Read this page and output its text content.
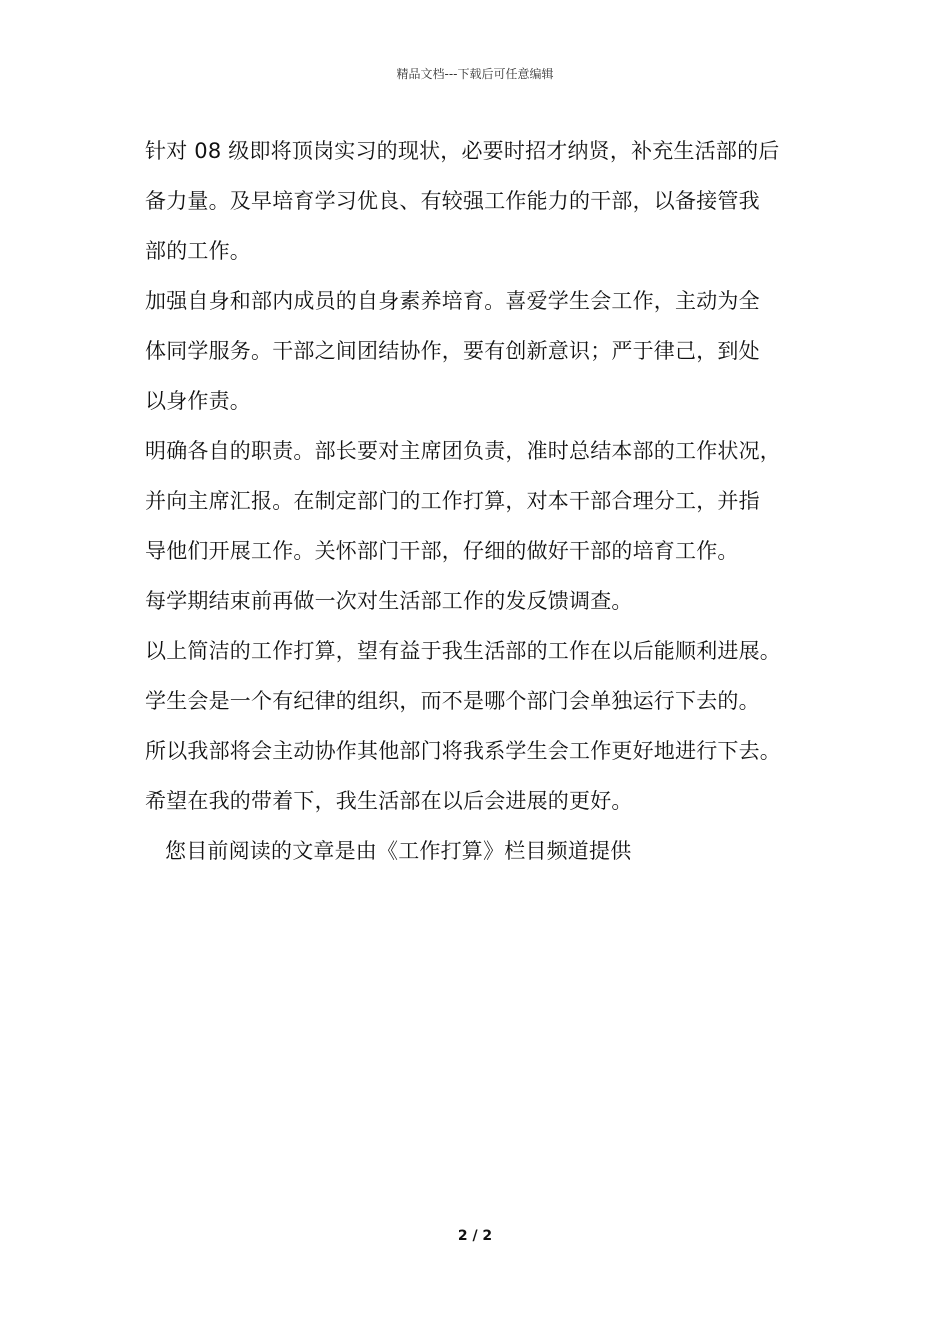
精品文档---下载后可任意编辑
针对 08 级即将顶岗实习的现状，必要时招才纳贤，补充生活部的后
备力量。及早培育学习优良、有较强工作能力的干部，以备接管我
部的工作。
加强自身和部内成员的自身素养培育。喜爱学生会工作，主动为全
体同学服务。干部之间团结协作，要有创新意识；严于律己，到处
以身作责。
明确各自的职责。部长要对主席团负责，准时总结本部的工作状况，
并向主席汇报。在制定部门的工作打算，对本干部合理分工，并指
导他们开展工作。关怀部门干部，仔细的做好干部的培育工作。
每学期结束前再做一次对生活部工作的发反馈调查。
以上简洁的工作打算，望有益于我生活部的工作在以后能顺利进展。
学生会是一个有纪律的组织，而不是哪个部门会单独运行下去的。
所以我部将会主动协作其他部门将我系学生会工作更好地进行下去。
希望在我的带着下，我生活部在以后会进展的更好。
您目前阅读的文章是由《工作打算》栏目频道提供
2 / 2
